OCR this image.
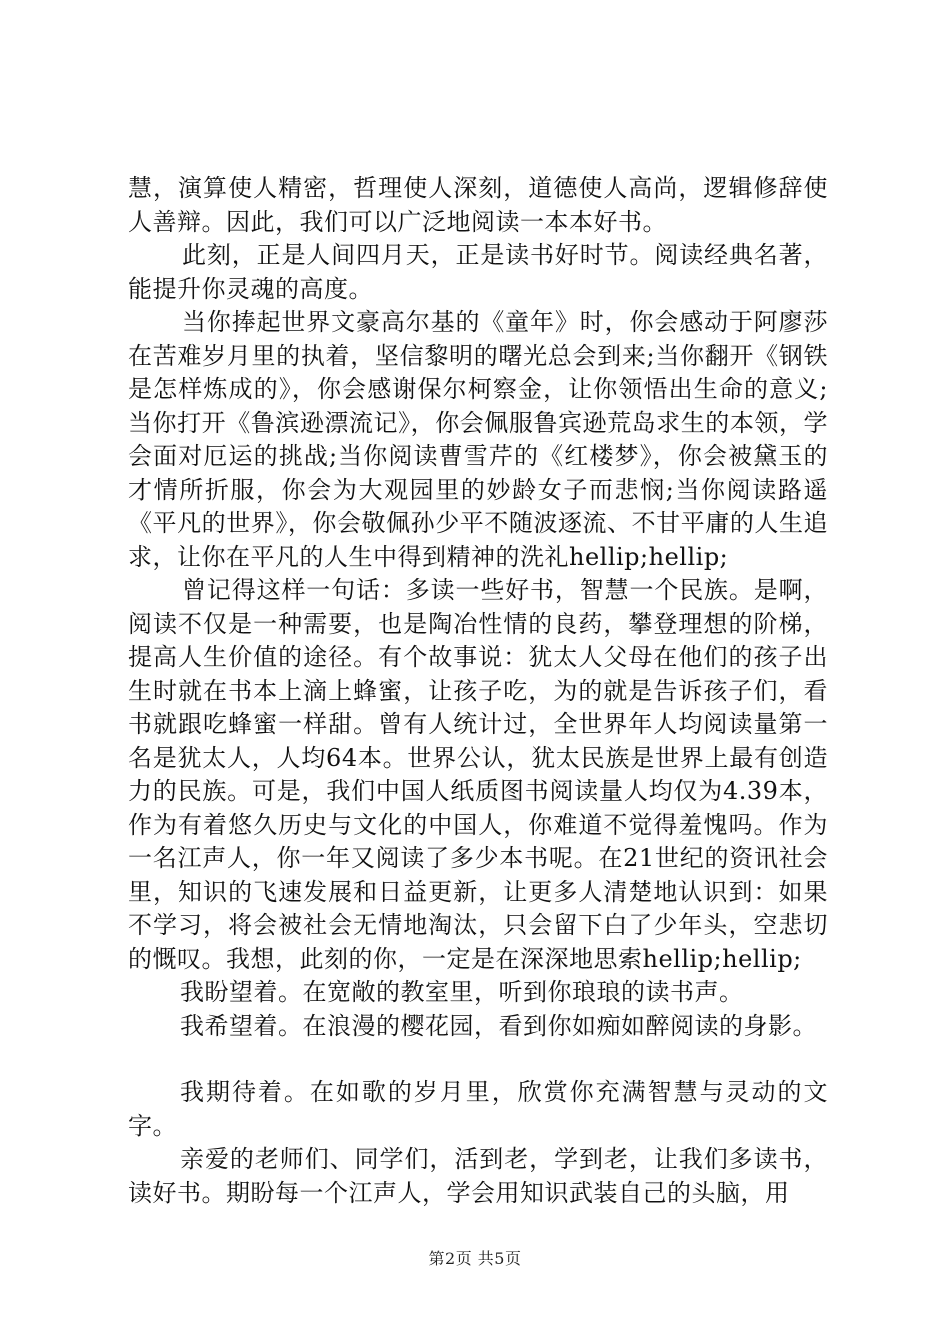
慧，演算使人精密，哲理使人深刻，道德使人高尚，逻辑修辞使人善辩。因此，我们可以广泛地阅读一本本好书。

此刻，正是人间四月天，正是读书好时节。阅读经典名著，能提升你灵魂的高度。

当你捧起世界文豪高尔基的《童年》时，你会感动于阿廖莎在苦难岁月里的执着，坚信黎明的曙光总会到来;当你翻开《钢铁是怎样炼成的》，你会感谢保尔柯察金，让你领悟出生命的意义;当你打开《鲁滨逊漂流记》，你会佩服鲁宾逊荒岛求生的本领，学会面对厄运的挑战;当你阅读曹雪芹的《红楼梦》，你会被黛玉的才情所折服，你会为大观园里的妙龄女子而悲悯;当你阅读路遥《平凡的世界》，你会敬佩孙少平不随波逐流、不甘平庸的人生追求，让你在平凡的人生中得到精神的洗礼hellip;hellip;

曾记得这样一句话：多读一些好书，智慧一个民族。是啊，阅读不仅是一种需要，也是陶冶性情的良药，攀登理想的阶梯，提高人生价值的途径。有个故事说：犹太人父母在他们的孩子出生时就在书本上滴上蜂蜜，让孩子吃，为的就是告诉孩子们，看书就跟吃蜂蜜一样甜。曾有人统计过，全世界年人均阅读量第一名是犹太人，人均64本。世界公认，犹太民族是世界上最有创造力的民族。可是，我们中国人纸质图书阅读量人均仅为4.39本，作为有着悠久历史与文化的中国人，你难道不觉得羞愧吗。作为一名江声人，你一年又阅读了多少本书呢。在21世纪的资讯社会里，知识的飞速发展和日益更新，让更多人清楚地认识到：如果不学习，将会被社会无情地淘汰，只会留下白了少年头，空悲切的慨叹。我想，此刻的你，一定是在深深地思索hellip;hellip;

我盼望着。在宽敞的教室里，听到你琅琅的读书声。

我希望着。在浪漫的樱花园，看到你如痴如醉阅读的身影。

我期待着。在如歌的岁月里，欣赏你充满智慧与灵动的文字。

亲爱的老师们、同学们，活到老，学到老，让我们多读书，读好书。期盼每一个江声人，学会用知识武装自己的头脑，用

第2页 共5页
